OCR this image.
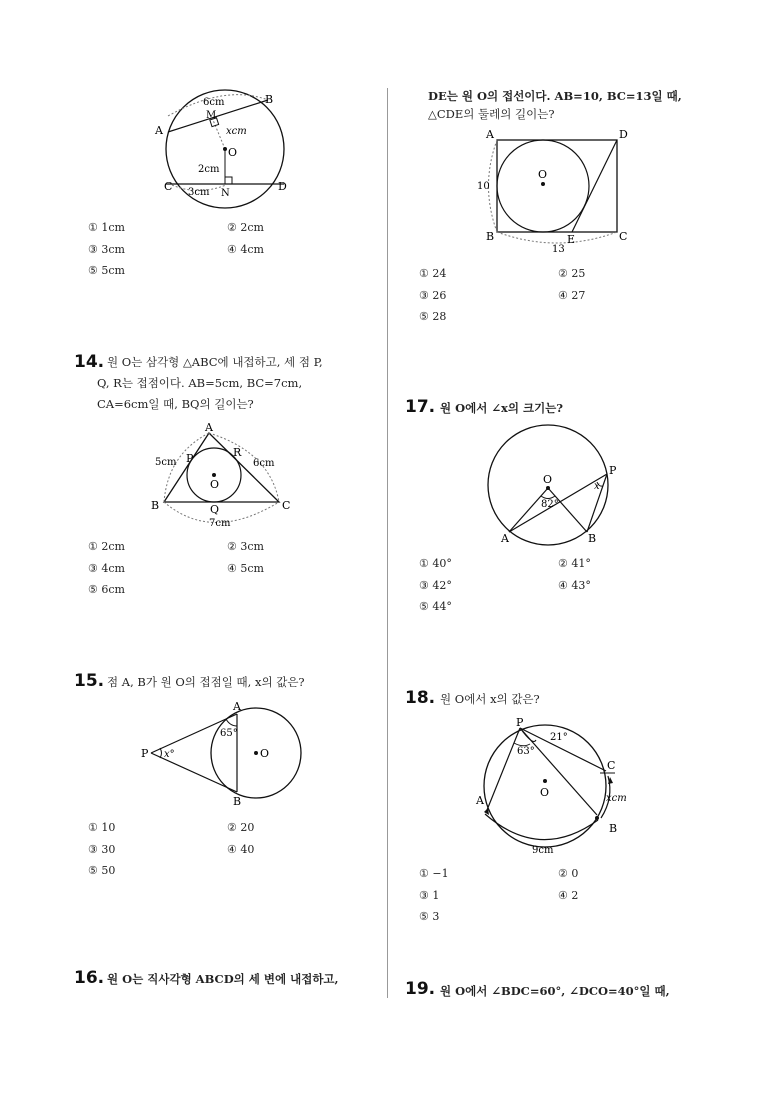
6cm	B
A
M
xcm
O
2cm
C 3cm N
D
① 1cm	② 2cm
③ 3cm	④ 4cm
⑤ 5cm
14. 원 O는 삼각형 △ABC에 내접하고, 세 점 P,
Q, R는 접점이다. AB=5cm, BC=7cm,
CA=6cm일 때, BQ의 길이는?
A
P	R
5cm	6cm
O
B	Q	C
7cm
① 2cm	② 3cm
③ 4cm	④ 5cm
⑤ 6cm
15. 점 A, B가 원 O의 접점일 때, x의 값은?
A
65°
P x°	O
B
① 10	② 20
③ 30	④ 40
⑤ 50
16. 원 O는 직사각형 ABCD의 세 변에 내접하고,
DE는 원 O의 접선이다. AB=10, BC=13일 때,
△CDE의 둘레의 길이는?
A	D
O
10
B	E	C
13
① 24	② 25
③ 26	④ 27
⑤ 28
17. 원 O에서 ∠x의 크기는?
O
P
82°
x
A	B
① 40°	② 41°
③ 42°	④ 43°
⑤ 44°
18. 원 O에서 x의 값은?
P
21°
63°
C
O
A	xcm
B
9cm
① −1	② 0
③ 1	④ 2
⑤ 3
19. 원 O에서 ∠BDC=60°, ∠DCO=40°일 때,
